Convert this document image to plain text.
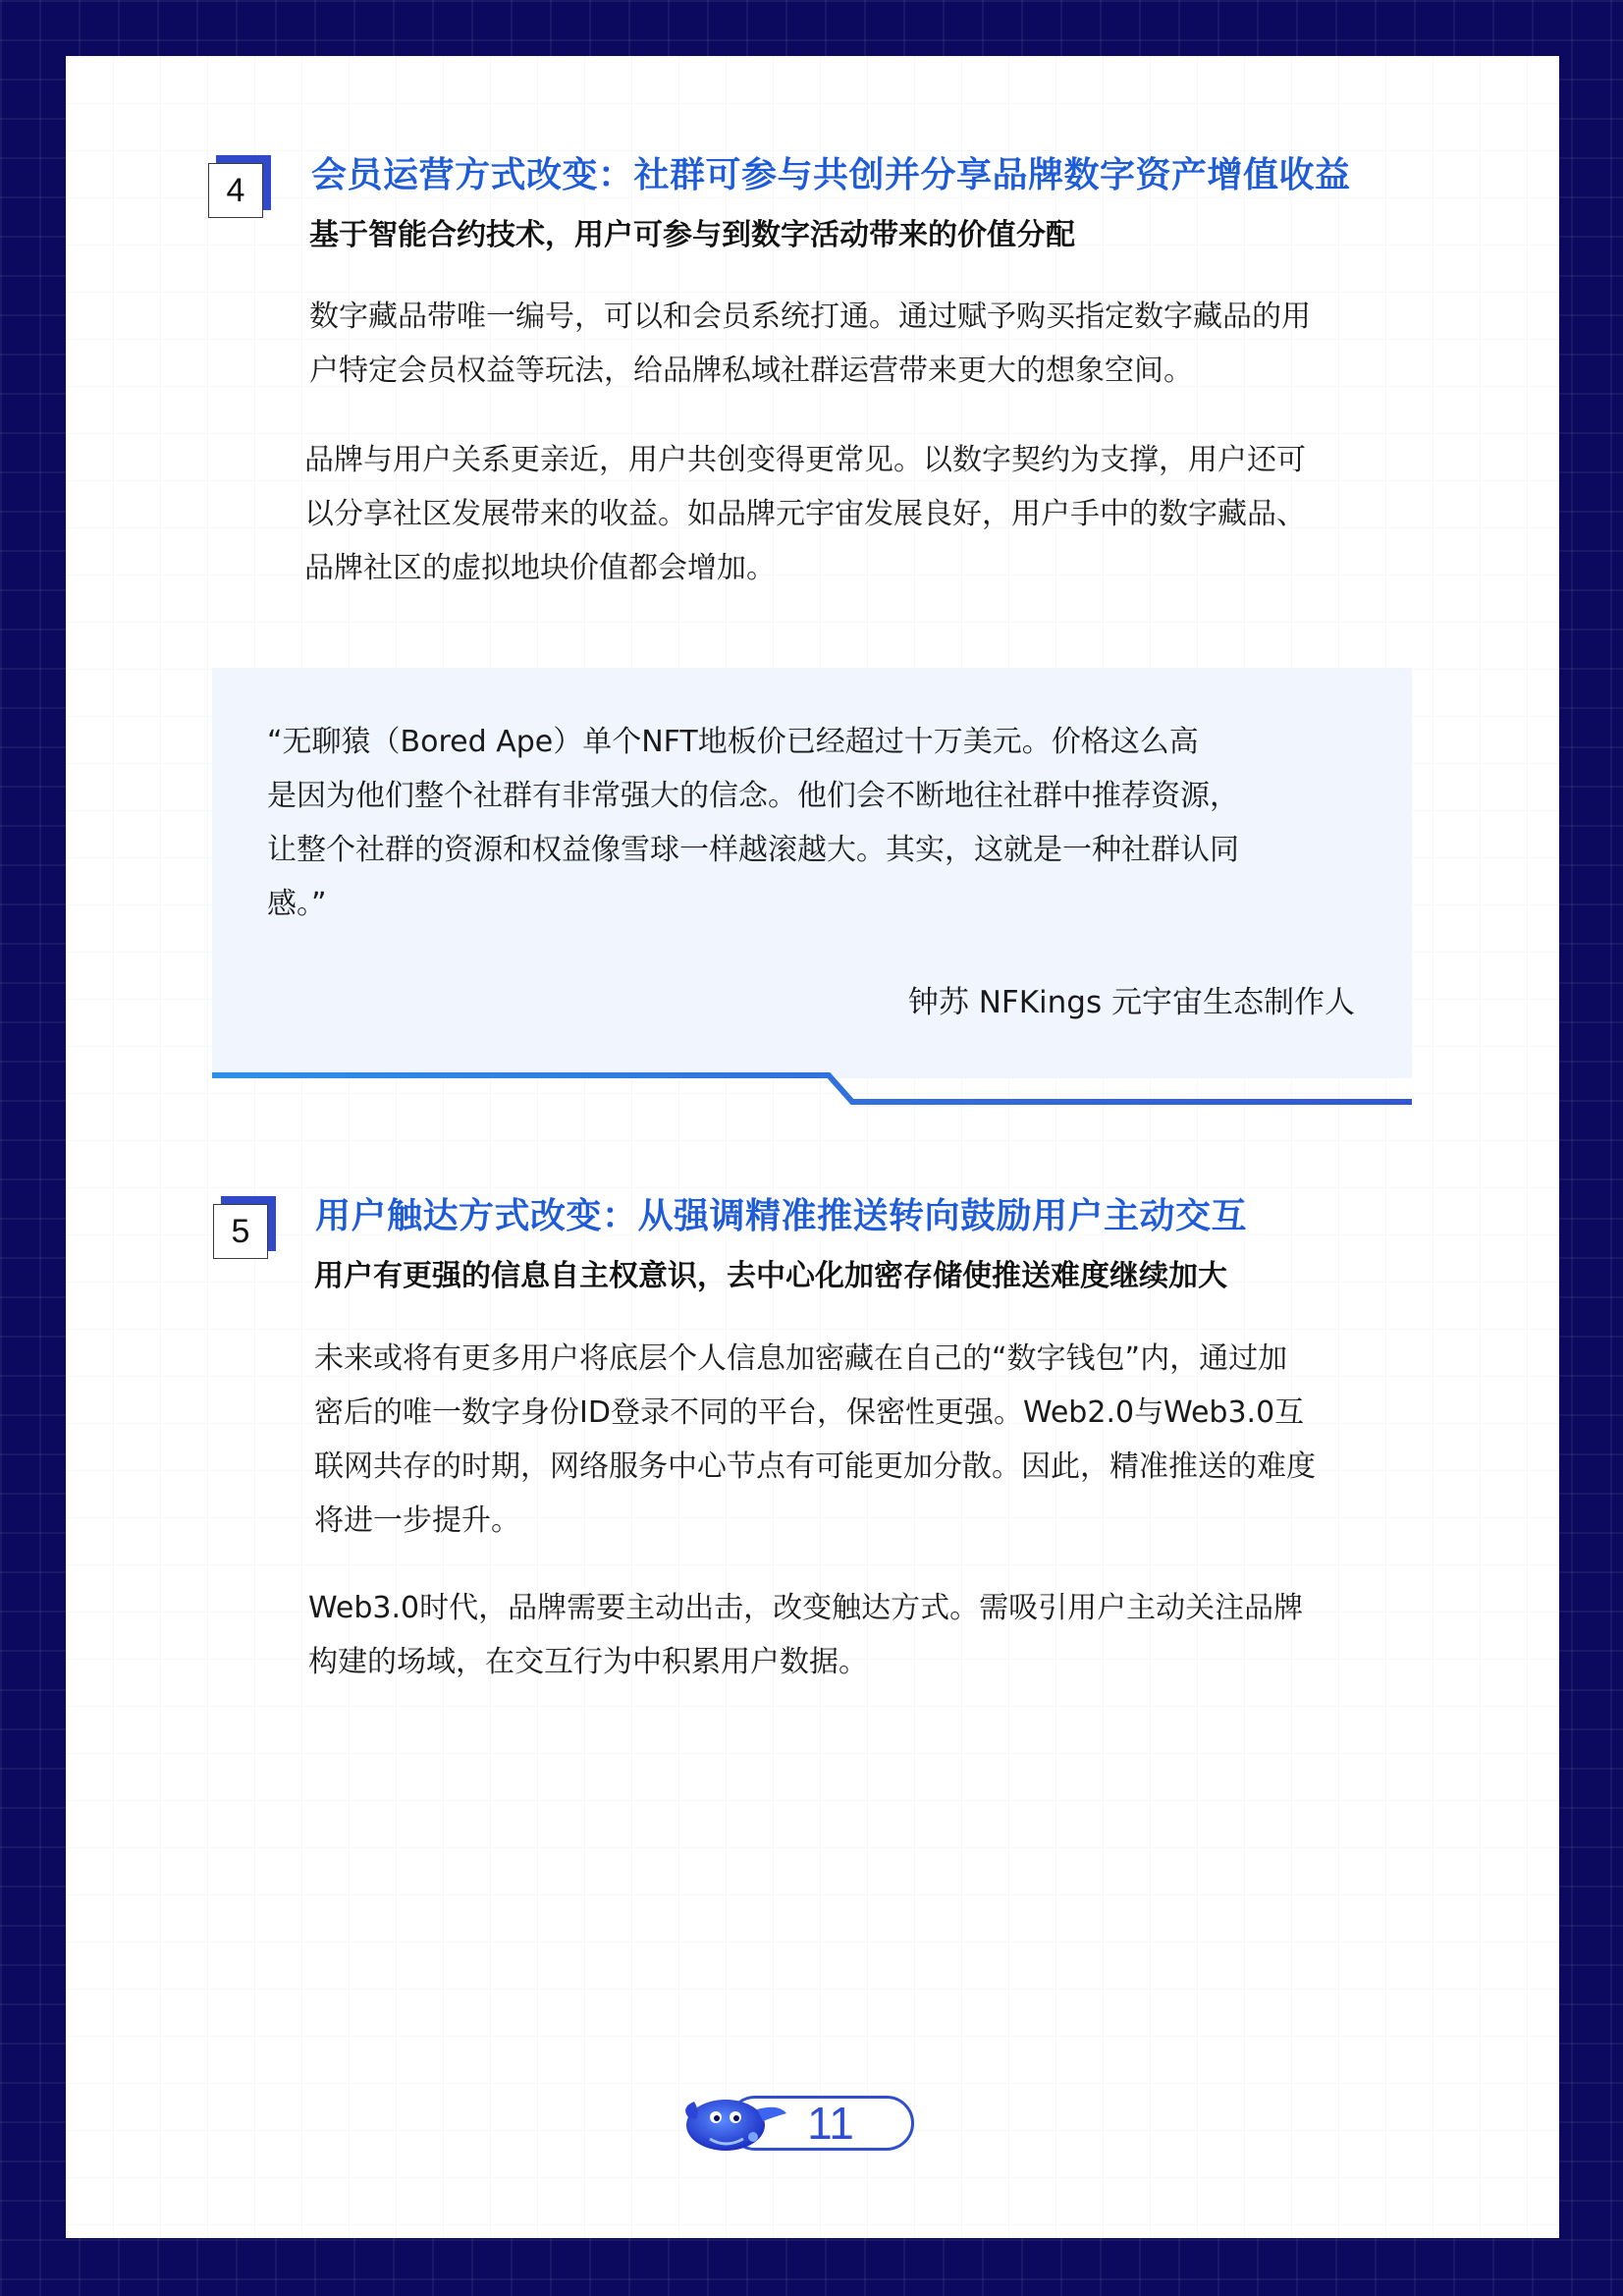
4	会员运营方式改变：社群可参与共创并分享品牌数字资产增值收益
基于智能合约技术，用户可参与到数字活动带来的价值分配
数字藏品带唯一编号，可以和会员系统打通。通过赋予购买指定数字藏品的用
户特定会员权益等玩法，给品牌私域社群运营带来更大的想象空间。
品牌与用户关系更亲近，用户共创变得更常见。以数字契约为支撑，用户还可
以分享社区发展带来的收益。如品牌元宇宙发展良好，用户手中的数字藏品、
品牌社区的虚拟地块价值都会增加。
“无聊猿（Bored Ape）单个NFT地板价已经超过十万美元。价格这么高
是因为他们整个社群有非常强大的信念。他们会不断地往社群中推荐资源，
让整个社群的资源和权益像雪球一样越滚越大。其实，这就是一种社群认同
感。”
钟苏 NFKings 元宇宙生态制作人
5	用户触达方式改变：从强调精准推送转向鼓励用户主动交互
用户有更强的信息自主权意识，去中心化加密存储使推送难度继续加大
未来或将有更多用户将底层个人信息加密藏在自己的“数字钱包”内，通过加
密后的唯一数字身份ID登录不同的平台，保密性更强。Web2.0与Web3.0互
联网共存的时期，网络服务中心节点有可能更加分散。因此，精准推送的难度
将进一步提升。
Web3.0时代，品牌需要主动出击，改变触达方式。需吸引用户主动关注品牌
构建的场域，在交互行为中积累用户数据。
11
